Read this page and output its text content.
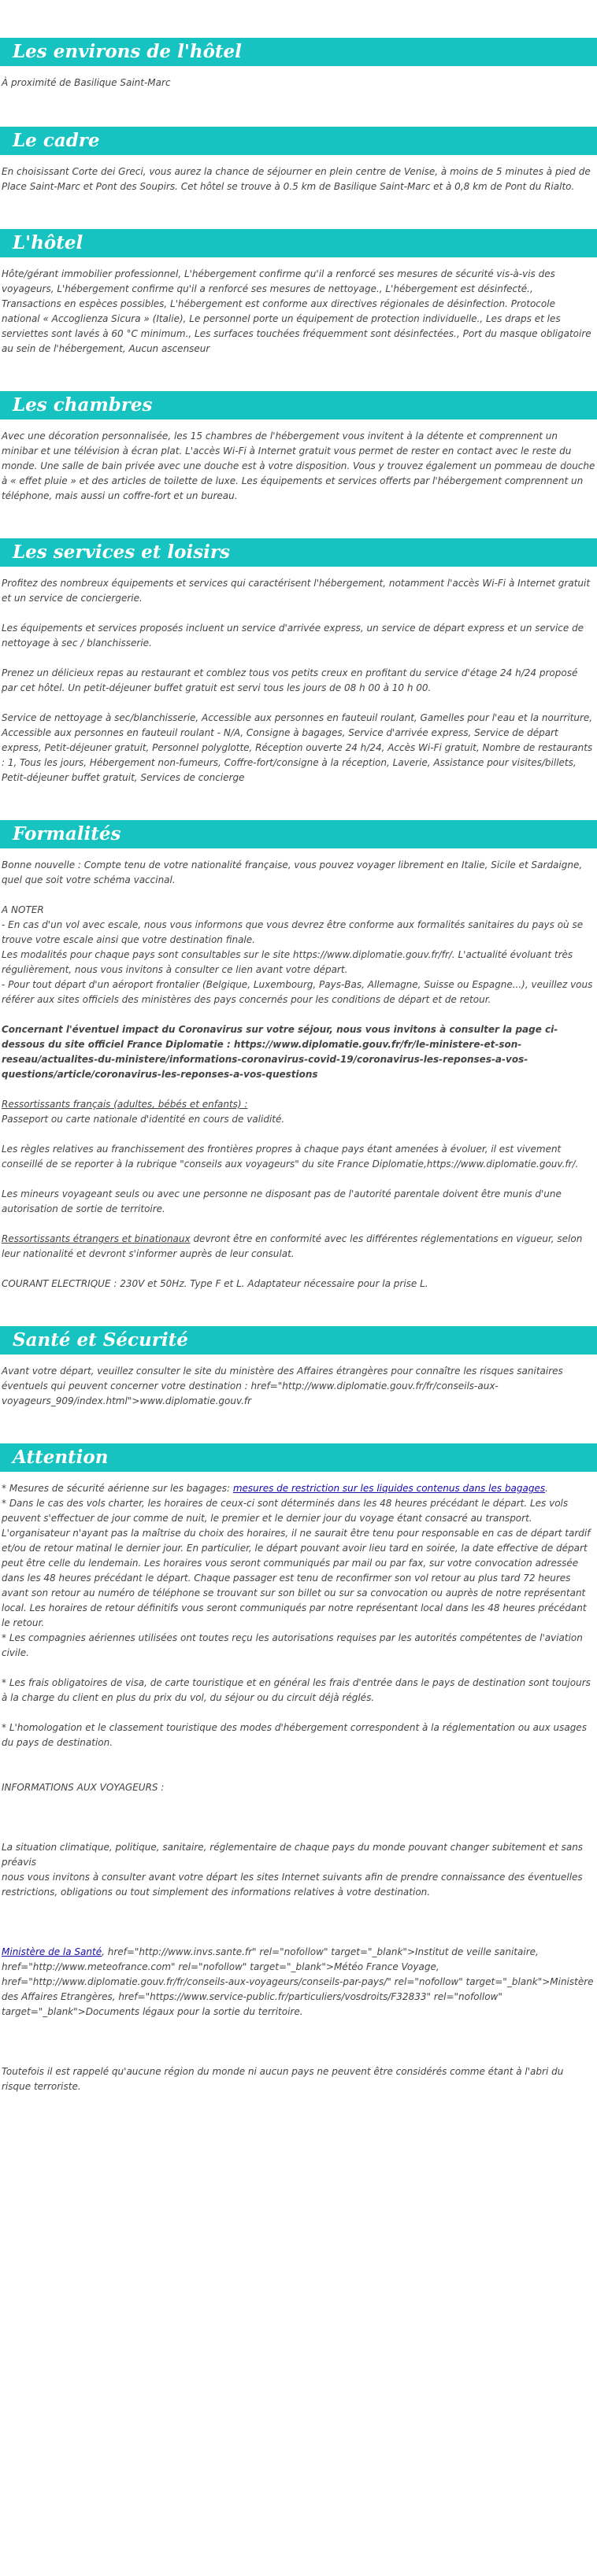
Les environs de l'hôtel
À proximité de Basilique Saint-Marc
Le cadre
En choisissant Corte dei Greci, vous aurez la chance de séjourner en plein centre de Venise, à moins de 5 minutes à pied de Place Saint-Marc et Pont des Soupirs. Cet hôtel se trouve à 0.5 km de Basilique Saint-Marc et à 0,8 km de Pont du Rialto.
L'hôtel
Hôte/gérant immobilier professionnel, L'hébergement confirme qu'il a renforcé ses mesures de sécurité vis-à-vis des voyageurs, L'hébergement confirme qu'il a renforcé ses mesures de nettoyage., L'hébergement est désinfecté., Transactions en espèces possibles, L'hébergement est conforme aux directives régionales de désinfection. Protocole national « Accoglienza Sicura » (Italie), Le personnel porte un équipement de protection individuelle., Les draps et les serviettes sont lavés à 60 °C minimum., Les surfaces touchées fréquemment sont désinfectées., Port du masque obligatoire au sein de l'hébergement, Aucun ascenseur
Les chambres
Avec une décoration personnalisée, les 15 chambres de l'hébergement vous invitent à la détente et comprennent un minibar et une télévision à écran plat. L'accès Wi-Fi à Internet gratuit vous permet de rester en contact avec le reste du monde. Une salle de bain privée avec une douche est à votre disposition. Vous y trouvez également un pommeau de douche à « effet pluie » et des articles de toilette de luxe. Les équipements et services offerts par l'hébergement comprennent un téléphone, mais aussi un coffre-fort et un bureau.
Les services et loisirs
Profitez des nombreux équipements et services qui caractérisent l'hébergement, notamment l'accès Wi-Fi à Internet gratuit et un service de conciergerie.
Les équipements et services proposés incluent un service d'arrivée express, un service de départ express et un service de nettoyage à sec / blanchisserie.
Prenez un délicieux repas au restaurant et comblez tous vos petits creux en profitant du service d'étage 24 h/24 proposé par cet hôtel. Un petit-déjeuner buffet gratuit est servi tous les jours de 08 h 00 à 10 h 00.
Service de nettoyage à sec/blanchisserie, Accessible aux personnes en fauteuil roulant, Gamelles pour l'eau et la nourriture, Accessible aux personnes en fauteuil roulant - N/A, Consigne à bagages, Service d'arrivée express, Service de départ express, Petit-déjeuner gratuit, Personnel polyglotte, Réception ouverte 24 h/24, Accès Wi-Fi gratuit, Nombre de restaurants : 1, Tous les jours, Hébergement non-fumeurs, Coffre-fort/consigne à la réception, Laverie, Assistance pour visites/billets, Petit-déjeuner buffet gratuit, Services de concierge
Formalités
Bonne nouvelle : Compte tenu de votre nationalité française, vous pouvez voyager librement en Italie, Sicile et Sardaigne, quel que soit votre schéma vaccinal.
A NOTER
- En cas d'un vol avec escale, nous vous informons que vous devrez être conforme aux formalités sanitaires du pays où se trouve votre escale ainsi que votre destination finale.
Les modalités pour chaque pays sont consultables sur le site https://www.diplomatie.gouv.fr/fr/. L'actualité évoluant très régulièrement, nous vous invitons à consulter ce lien avant votre départ.
- Pour tout départ d'un aéroport frontalier (Belgique, Luxembourg, Pays-Bas, Allemagne, Suisse ou Espagne...), veuillez vous référer aux sites officiels des ministères des pays concernés pour les conditions de départ et de retour.
Concernant l'éventuel impact du Coronavirus sur votre séjour, nous vous invitons à consulter la page ci-dessous du site officiel France Diplomatie : https://www.diplomatie.gouv.fr/fr/le-ministere-et-son-reseau/actualites-du-ministere/informations-coronavirus-covid-19/coronavirus-les-reponses-a-vos-questions/article/coronavirus-les-reponses-a-vos-questions
Ressortissants français (adultes, bébés et enfants) :
Passeport ou carte nationale d'identité en cours de validité.
Les règles relatives au franchissement des frontières propres à chaque pays étant amenées à évoluer, il est vivement conseillé de se reporter à la rubrique "conseils aux voyageurs" du site France Diplomatie,https://www.diplomatie.gouv.fr/.
Les mineurs voyageant seuls ou avec une personne ne disposant pas de l'autorité parentale doivent être munis d'une autorisation de sortie de territoire.
Ressortissants étrangers et binationaux devront être en conformité avec les différentes réglementations en vigueur, selon leur nationalité et devront s'informer auprès de leur consulat.
COURANT ELECTRIQUE : 230V et 50Hz. Type F et L. Adaptateur nécessaire pour la prise L.
Santé et Sécurité
Avant votre départ, veuillez consulter le site du ministère des Affaires étrangères pour connaître les risques sanitaires éventuels qui peuvent concerner votre destination : href="http://www.diplomatie.gouv.fr/fr/conseils-aux-voyageurs_909/index.html">www.diplomatie.gouv.fr
Attention
* Mesures de sécurité aérienne sur les bagages: mesures de restriction sur les liquides contenus dans les bagages.
* Dans le cas des vols charter, les horaires de ceux-ci sont déterminés dans les 48 heures précédant le départ. Les vols peuvent s'effectuer de jour comme de nuit, le premier et le dernier jour du voyage étant consacré au transport. L'organisateur n'ayant pas la maîtrise du choix des horaires, il ne saurait être tenu pour responsable en cas de départ tardif et/ou de retour matinal le dernier jour. En particulier, le départ pouvant avoir lieu tard en soirée, la date effective de départ peut être celle du lendemain. Les horaires vous seront communiqués par mail ou par fax, sur votre convocation adressée dans les 48 heures précédant le départ. Chaque passager est tenu de reconfirmer son vol retour au plus tard 72 heures avant son retour au numéro de téléphone se trouvant sur son billet ou sur sa convocation ou auprès de notre représentant local. Les horaires de retour définitifs vous seront communiqués par notre représentant local dans les 48 heures précédant le retour.
* Les compagnies aériennes utilisées ont toutes reçu les autorisations requises par les autorités compétentes de l'aviation civile.
* Les frais obligatoires de visa, de carte touristique et en général les frais d'entrée dans le pays de destination sont toujours à la charge du client en plus du prix du vol, du séjour ou du circuit déjà réglés.
* L'homologation et le classement touristique des modes d'hébergement correspondent à la réglementation ou aux usages du pays de destination.
INFORMATIONS AUX VOYAGEURS :
La situation climatique, politique, sanitaire, réglementaire de chaque pays du monde pouvant changer subitement et sans préavis
nous vous invitons à consulter avant votre départ les sites Internet suivants afin de prendre connaissance des éventuelles restrictions, obligations ou tout simplement des informations relatives à votre destination.
Ministère de la Santé, href="http://www.invs.sante.fr" rel="nofollow" target="_blank">Institut de veille sanitaire, href="http://www.meteofrance.com" rel="nofollow" target="_blank">Météo France Voyage, href="http://www.diplomatie.gouv.fr/fr/conseils-aux-voyageurs/conseils-par-pays/" rel="nofollow" target="_blank">Ministère des Affaires Etrangères, href="https://www.service-public.fr/particuliers/vosdroits/F32833" rel="nofollow" target="_blank">Documents légaux pour la sortie du territoire.
Toutefois il est rappelé qu'aucune région du monde ni aucun pays ne peuvent être considérés comme étant à l'abri du risque terroriste.
